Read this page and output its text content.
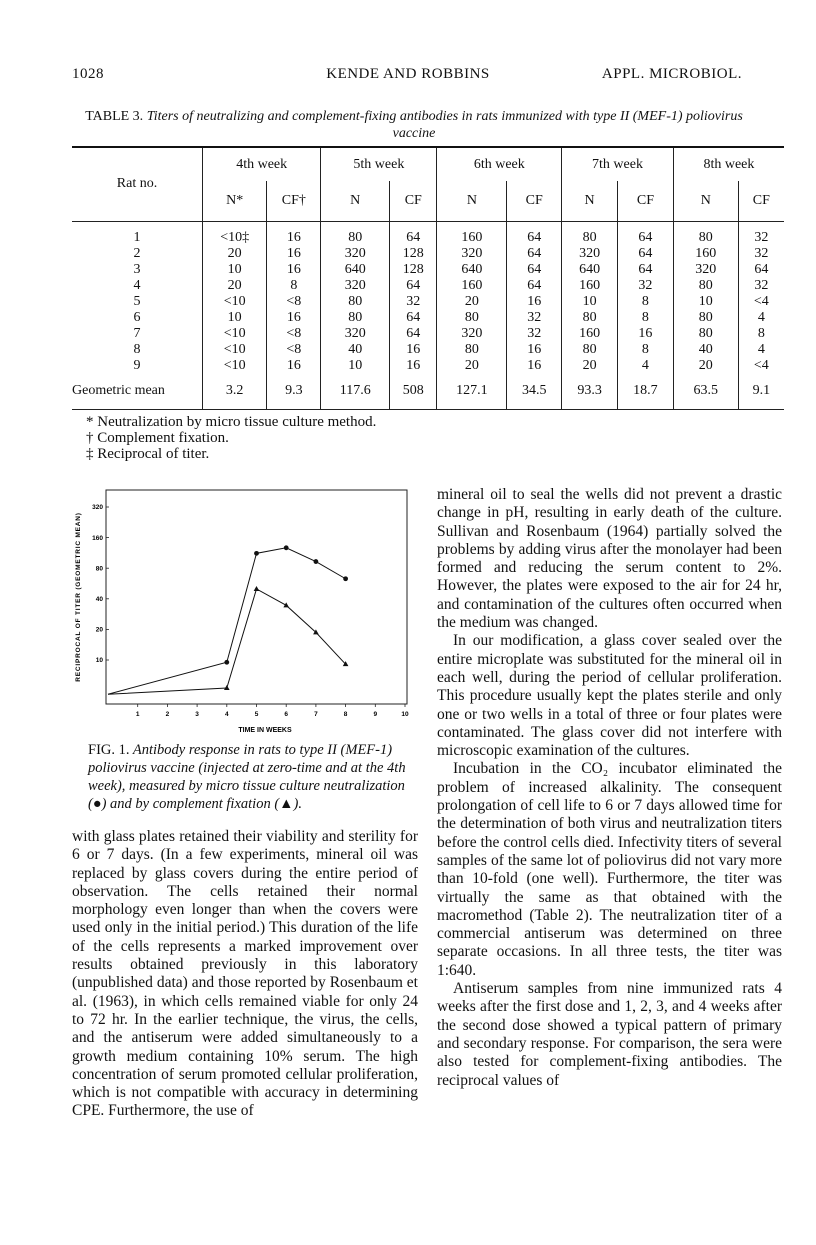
1028	KENDE AND ROBBINS	APPL. MICROBIOL.
TABLE 3. Titers of neutralizing and complement-fixing antibodies in rats immunized with type II (MEF-1) poliovirus vaccine
Rat no.	4th week		5th week		6th week		7th week		8th week	
	N*	CF†	N	CF	N	CF	N	CF	N	CF
1	<10‡	16	80	64	160	64	80	64	80	32
2	20	16	320	128	320	64	320	64	160	32
3	10	16	640	128	640	64	640	64	320	64
4	20	8	320	64	160	64	160	32	80	32
5	<10	<8	80	32	20	16	10	8	10	<4
6	10	16	80	64	80	32	80	8	80	4
7	<10	<8	320	64	320	32	160	16	80	8
8	<10	<8	40	16	80	16	80	8	40	4
9	<10	16	10	16	20	16	20	4	20	<4
Geometric mean	3.2	9.3	117.6	508	127.1	34.5	93.3	18.7	63.5	9.1
* Neutralization by micro tissue culture method.
† Complement fixation.
‡ Reciprocal of titer.
RECIPROCAL OF TITER (GEOMETRIC MEAN)
TIME IN WEEKS
1	2	3	4	5	6	7	8	9	10
10
20
40
80
160
320
FIG. 1. Antibody response in rats to type II (MEF-1) poliovirus vaccine (injected at zero-time and at the 4th week), measured by micro tissue culture neutralization (●) and by complement fixation (▲).

with glass plates retained their viability and sterility for 6 or 7 days. (In a few experiments, mineral oil was replaced by glass covers during the entire period of observation. The cells retained their normal morphology even longer than when the covers were used only in the initial period.) This duration of the life of the cells represents a marked improvement over results obtained previously in this laboratory (unpublished data) and those reported by Rosenbaum et al. (1963), in which cells remained viable for only 24 to 72 hr. In the earlier technique, the virus, the cells, and the antiserum were added simultaneously to a growth medium containing 10% serum. The high concentration of serum promoted cellular proliferation, which is not compatible with accuracy in determining CPE. Furthermore, the use of

mineral oil to seal the wells did not prevent a drastic change in pH, resulting in early death of the culture. Sullivan and Rosenbaum (1964) partially solved the problems by adding virus after the monolayer had been formed and reducing the serum content to 2%. However, the plates were exposed to the air for 24 hr, and contamination of the cultures often occurred when the medium was changed.

In our modification, a glass cover sealed over the entire microplate was substituted for the mineral oil in each well, during the period of cellular proliferation. This procedure usually kept the plates sterile and only one or two wells in a total of three or four plates were contaminated. The glass cover did not interfere with microscopic examination of the cultures.

Incubation in the CO₂ incubator eliminated the problem of increased alkalinity. The consequent prolongation of cell life to 6 or 7 days allowed time for the determination of both virus and neutralization titers before the control cells died. Infectivity titers of several samples of the same lot of poliovirus did not vary more than 10-fold (one well). Furthermore, the titer was virtually the same as that obtained with the macromethod (Table 2). The neutralization titer of a commercial antiserum was determined on three separate occasions. In all three tests, the titer was 1:640.

Antiserum samples from nine immunized rats 4 weeks after the first dose and 1, 2, 3, and 4 weeks after the second dose showed a typical pattern of primary and secondary response. For comparison, the sera were also tested for complement-fixing antibodies. The reciprocal values of
